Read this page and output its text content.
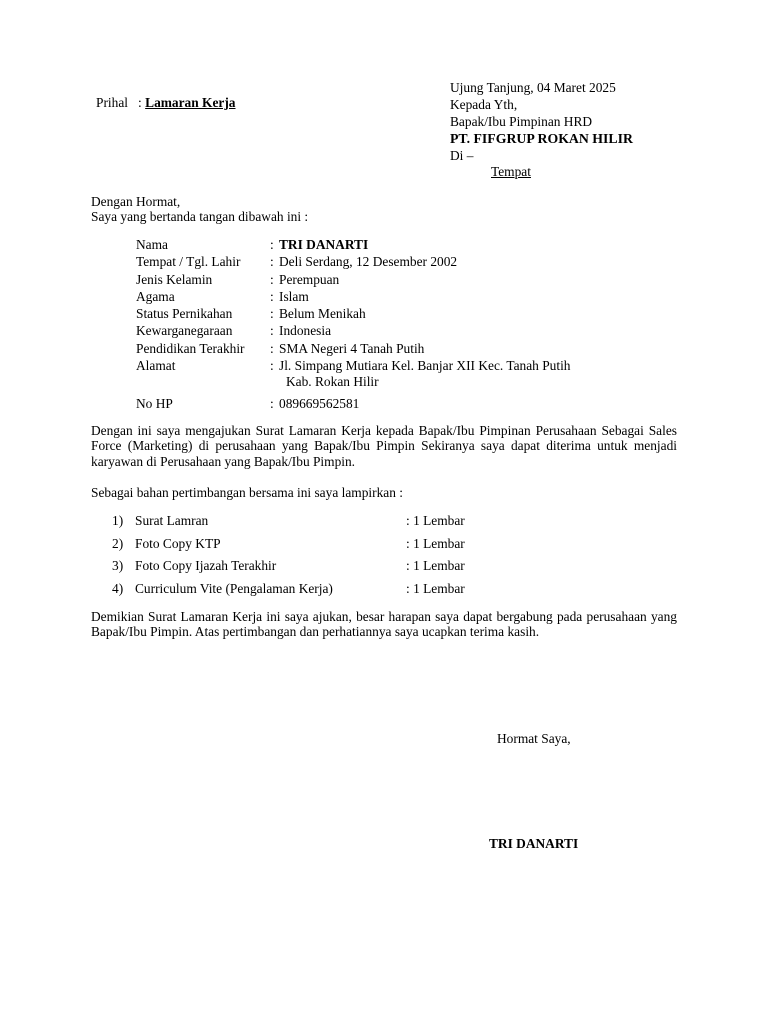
Prihal : Lamaran Kerja
Ujung Tanjung, 04 Maret 2025
Kepada Yth,
Bapak/Ibu Pimpinan HRD
PT. FIFGRUP ROKAN HILIR
Di –
Tempat
Dengan Hormat,
Saya yang bertanda tangan dibawah ini :
Nama	: TRI DANARTI
Tempat / Tgl. Lahir	: Deli Serdang, 12 Desember 2002
Jenis Kelamin	: Perempuan
Agama	: Islam
Status Pernikahan	: Belum Menikah
Kewarganegaraan	: Indonesia
Pendidikan Terakhir	: SMA Negeri 4 Tanah Putih
Alamat	: Jl. Simpang Mutiara Kel. Banjar XII Kec. Tanah Putih
Kab. Rokan Hilir
No HP	: 089669562581
Dengan ini saya mengajukan Surat Lamaran Kerja kepada Bapak/Ibu Pimpinan Perusahaan Sebagai Sales Force (Marketing) di perusahaan yang Bapak/Ibu Pimpin Sekiranya saya dapat diterima untuk menjadi karyawan di Perusahaan yang Bapak/Ibu Pimpin.
Sebagai bahan pertimbangan bersama ini saya lampirkan :
1) Surat Lamran	: 1 Lembar
2) Foto Copy KTP	: 1 Lembar
3) Foto Copy Ijazah Terakhir	: 1 Lembar
4) Curriculum Vite (Pengalaman Kerja)	: 1 Lembar
Demikian Surat Lamaran Kerja ini saya ajukan, besar harapan saya dapat bergabung pada perusahaan yang Bapak/Ibu Pimpin. Atas pertimbangan dan perhatiannya saya ucapkan terima kasih.
Hormat Saya,
TRI DANARTI
